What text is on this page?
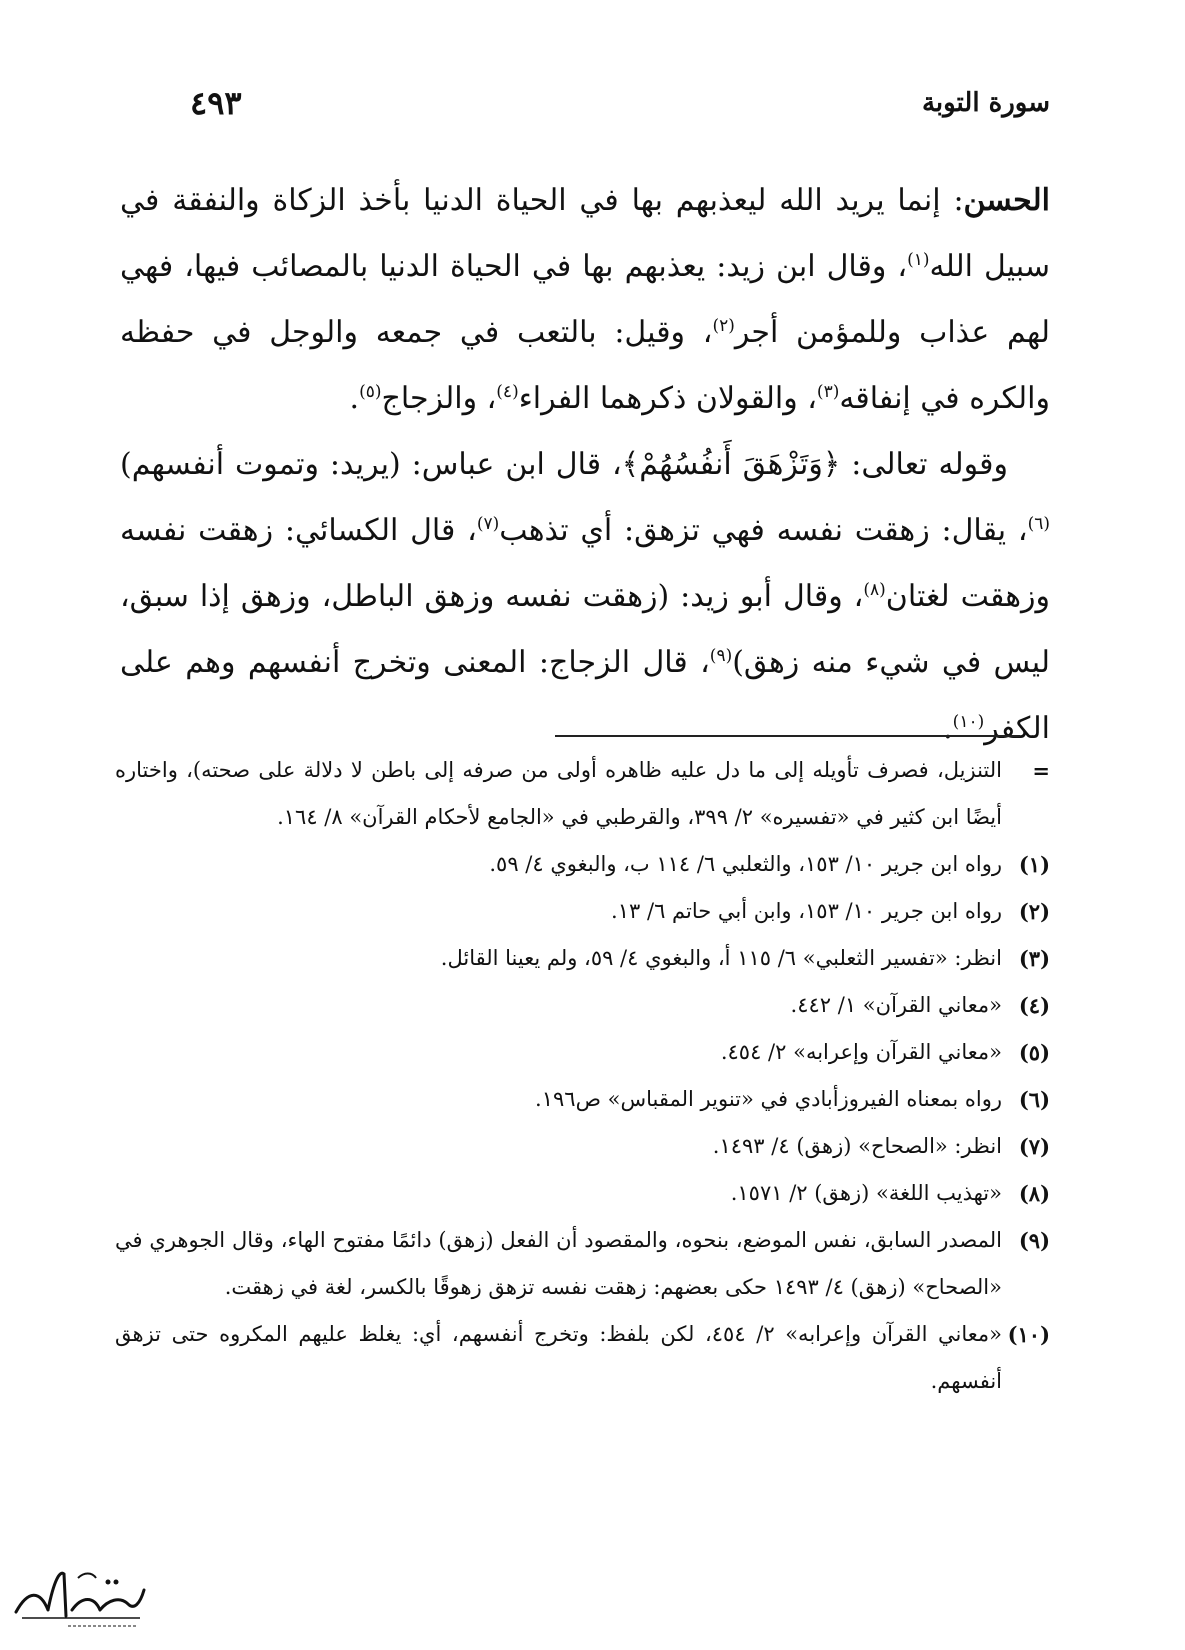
سورة التوبة
٤٩٣

الحسن: إنما يريد الله ليعذبهم بها في الحياة الدنيا بأخذ الزكاة والنفقة في سبيل الله$^{(١)}$، وقال ابن زيد: يعذبهم بها في الحياة الدنيا بالمصائب فيها، فهي لهم عذاب وللمؤمن أجر$^{(٢)}$، وقيل: بالتعب في جمعه والوجل في حفظه والكره في إنفاقه$^{(٣)}$، والقولان ذكرهما الفراء$^{(٤)}$، والزجاج$^{(٥)}$.

وقوله تعالى: ﴿وَتَزْهَقَ أَنفُسُهُمْ﴾، قال ابن عباس: (يريد: وتموت أنفسهم)$^{(٦)}$، يقال: زهقت نفسه فهي تزهق: أي تذهب$^{(٧)}$، قال الكسائي: زهقت نفسه وزهقت لغتان$^{(٨)}$، وقال أبو زيد: (زهقت نفسه وزهق الباطل، وزهق إذا سبق، ليس في شيء منه زهق)$^{(٩)}$، قال الزجاج: المعنى وتخرج أنفسهم وهم على الكفر$^{(١٠)}$.

=
التنزيل، فصرف تأويله إلى ما دل عليه ظاهره أولى من صرفه إلى باطن لا دلالة على صحته)، واختاره أيضًا ابن كثير في «تفسيره» ٢/ ٣٩٩، والقرطبي في «الجامع لأحكام القرآن» ٨/ ١٦٤.
(١)
رواه ابن جرير ١٠/ ١٥٣، والثعلبي ٦/ ١١٤ ب، والبغوي ٤/ ٥٩.
(٢)
رواه ابن جرير ١٠/ ١٥٣، وابن أبي حاتم ٦/ ١٣.
(٣)
انظر: «تفسير الثعلبي» ٦/ ١١٥ أ، والبغوي ٤/ ٥٩، ولم يعينا القائل.
(٤)
«معاني القرآن» ١/ ٤٤٢.
(٥)
«معاني القرآن وإعرابه» ٢/ ٤٥٤.
(٦)
رواه بمعناه الفيروزأبادي في «تنوير المقباس» ص١٩٦.
(٧)
انظر: «الصحاح» (زهق) ٤/ ١٤٩٣.
(٨)
«تهذيب اللغة» (زهق) ٢/ ١٥٧١.
(٩)
المصدر السابق، نفس الموضع، بنحوه، والمقصود أن الفعل (زهق) دائمًا مفتوح الهاء، وقال الجوهري في «الصحاح» (زهق) ٤/ ١٤٩٣ حكى بعضهم: زهقت نفسه تزهق زهوقًا بالكسر، لغة في زهقت.
(١٠)
«معاني القرآن وإعرابه» ٢/ ٤٥٤، لكن بلفظ: وتخرج أنفسهم، أي: يغلظ عليهم المكروه حتى تزهق أنفسهم.
